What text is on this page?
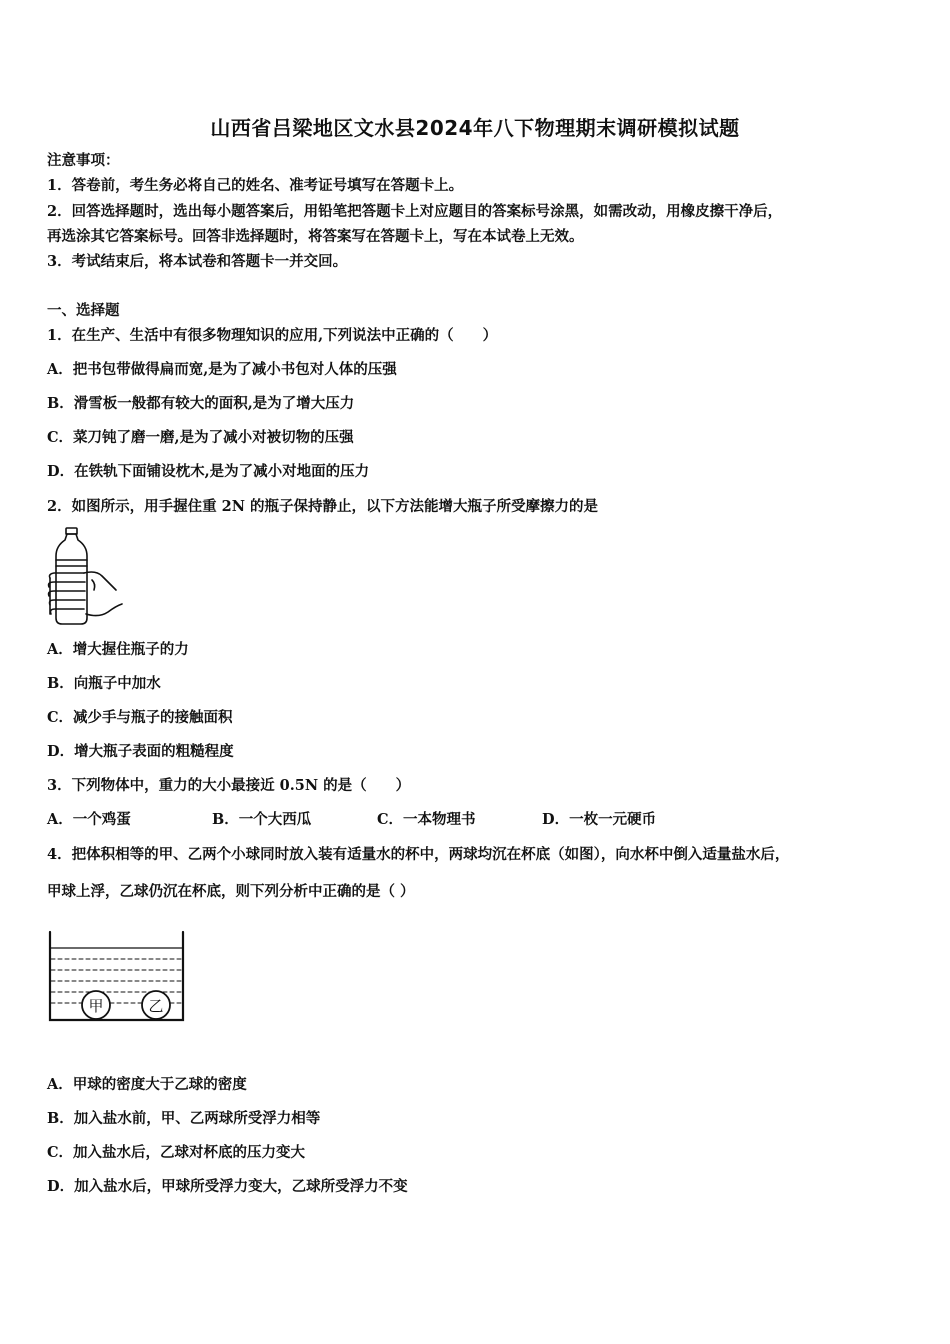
山西省吕梁地区文水县2024年八下物理期末调研模拟试题
注意事项：
1．答卷前，考生务必将自己的姓名、准考证号填写在答题卡上。
2．回答选择题时，选出每小题答案后，用铅笔把答题卡上对应题目的答案标号涂黑，如需改动，用橡皮擦干净后，
再选涂其它答案标号。回答非选择题时，将答案写在答题卡上，写在本试卷上无效。
3．考试结束后，将本试卷和答题卡一并交回。
一、选择题
1．在生产、生活中有很多物理知识的应用,下列说法中正确的（　　）
A．把书包带做得扁而宽,是为了减小书包对人体的压强
B．滑雪板一般都有较大的面积,是为了增大压力
C．菜刀钝了磨一磨,是为了减小对被切物的压强
D．在铁轨下面铺设枕木,是为了减小对地面的压力
2．如图所示，用手握住重 2N 的瓶子保持静止，以下方法能增大瓶子所受摩擦力的是
A．增大握住瓶子的力
B．向瓶子中加水
C．减少手与瓶子的接触面积
D．增大瓶子表面的粗糙程度
3．下列物体中，重力的大小最接近 0.5N 的是（　　）
A．一个鸡蛋	B．一个大西瓜	C．一本物理书	D．一枚一元硬币
4．把体积相等的甲、乙两个小球同时放入装有适量水的杯中，两球均沉在杯底（如图），向水杯中倒入适量盐水后，
甲球上浮，乙球仍沉在杯底，则下列分析中正确的是（ ）
甲	乙
A．甲球的密度大于乙球的密度
B．加入盐水前，甲、乙两球所受浮力相等
C．加入盐水后，乙球对杯底的压力变大
D．加入盐水后，甲球所受浮力变大，乙球所受浮力不变
